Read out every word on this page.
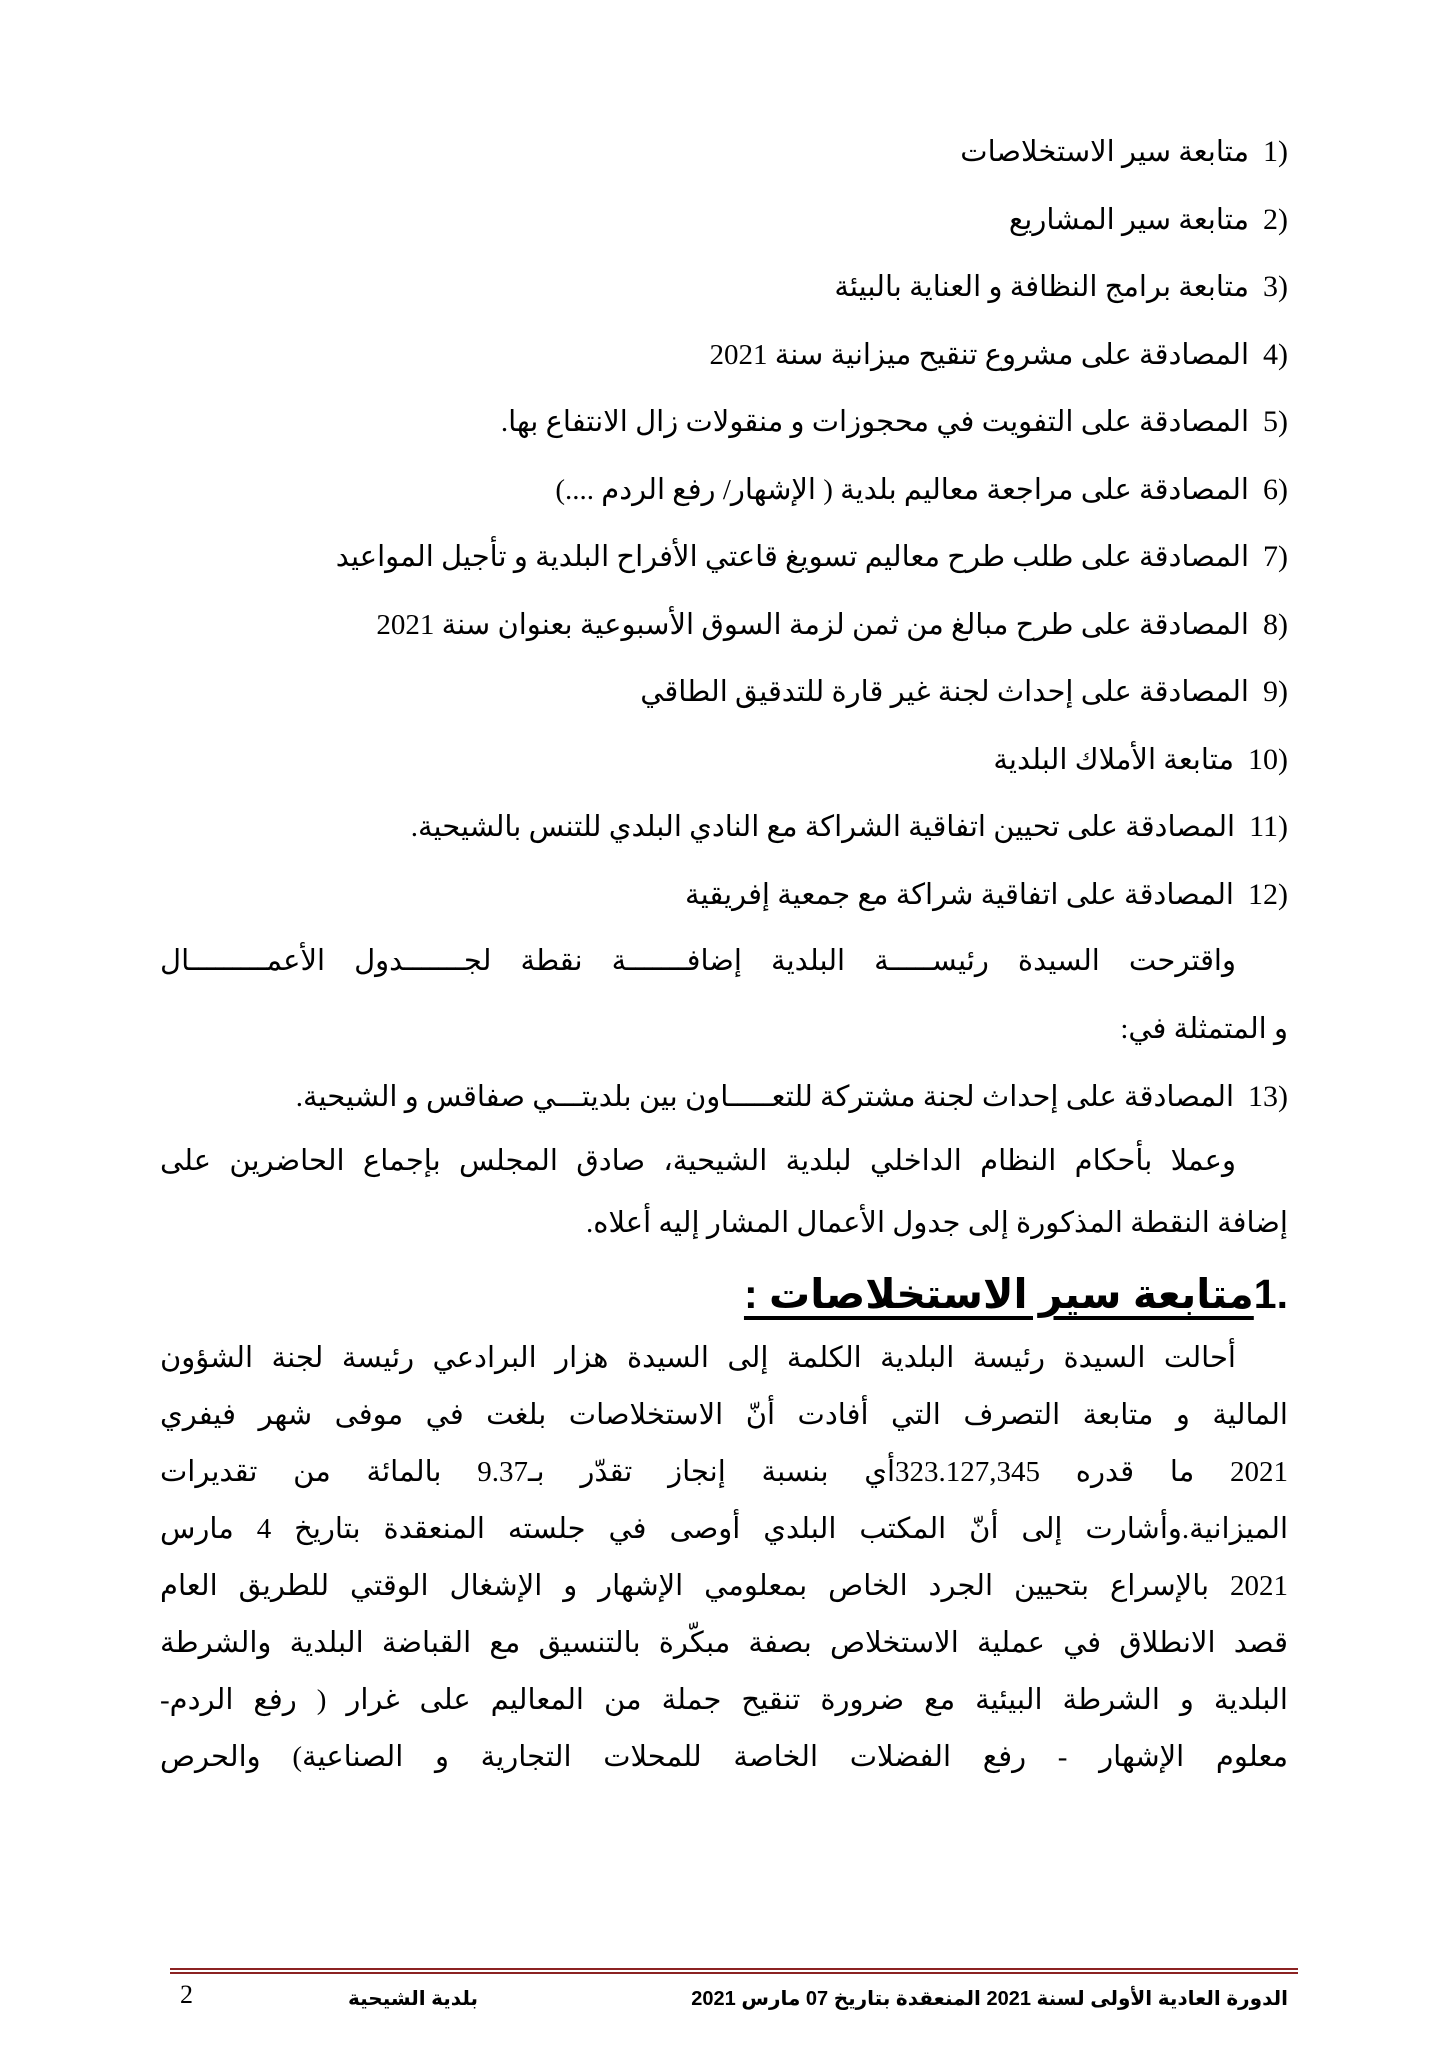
1)
متابعة سير الاستخلاصات
2)
متابعة سير المشاريع
3)
متابعة برامج النظافة و العناية بالبيئة
4)
المصادقة على مشروع تنقيح ميزانية سنة 2021
5)
المصادقة على التفويت في محجوزات و منقولات زال الانتفاع بها.
6)
المصادقة على مراجعة معاليم بلدية ( الإشهار/ رفع الردم ....)
7)
المصادقة على طلب طرح معاليم تسويغ قاعتي الأفراح البلدية و تأجيل المواعيد
8)
المصادقة على طرح مبالغ من ثمن لزمة السوق الأسبوعية بعنوان سنة 2021
9)
المصادقة على إحداث لجنة غير قارة للتدقيق الطاقي
10)
متابعة الأملاك البلدية
11)
المصادقة على تحيين اتفاقية الشراكة مع النادي البلدي للتنس بالشيحية.
12)
المصادقة على اتفاقية شراكة مع جمعية إفريقية

واقترحت السيدة رئيســـــة البلدية إضافـــــــة نقطة لجـــــــدول الأعمـــــــــال

و المتمثلة في:

13)
المصادقة على إحداث لجنة مشتركة للتعـــــاون بين بلديتـــي صفاقس و الشيحية.

وعملا بأحكام النظام الداخلي لبلدية الشيحية، صادق المجلس بإجماع الحاضرين على

إضافة النقطة المذكورة إلى جدول الأعمال المشار إليه أعلاه.

1.متابعة سير الاستخلاصات :

أحالت السيدة رئيسة البلدية الكلمة إلى السيدة هزار البرادعي رئيسة لجنة الشؤون

المالية و متابعة التصرف التي أفادت أنّ الاستخلاصات بلغت في موفى شهر فيفري

2021 ما قدره 323.127,345أي بنسبة إنجاز تقدّر بـ9.37 بالمائة من تقديرات

الميزانية.وأشارت إلى أنّ المكتب البلدي أوصى في جلسته المنعقدة بتاريخ 4 مارس

2021 بالإسراع بتحيين الجرد الخاص بمعلومي الإشهار و الإشغال الوقتي للطريق العام

قصد الانطلاق في عملية الاستخلاص بصفة مبكّرة بالتنسيق مع القباضة البلدية والشرطة

البلدية و الشرطة البيئية مع ضرورة تنقيح جملة من المعاليم على غرار ( رفع الردم-

معلوم الإشهار - رفع الفضلات الخاصة للمحلات التجارية و الصناعية) والحرص

الدورة العادية الأولى لسنة 2021 المنعقدة بتاريخ 07 مارس 2021
بلدية الشيحية
2
